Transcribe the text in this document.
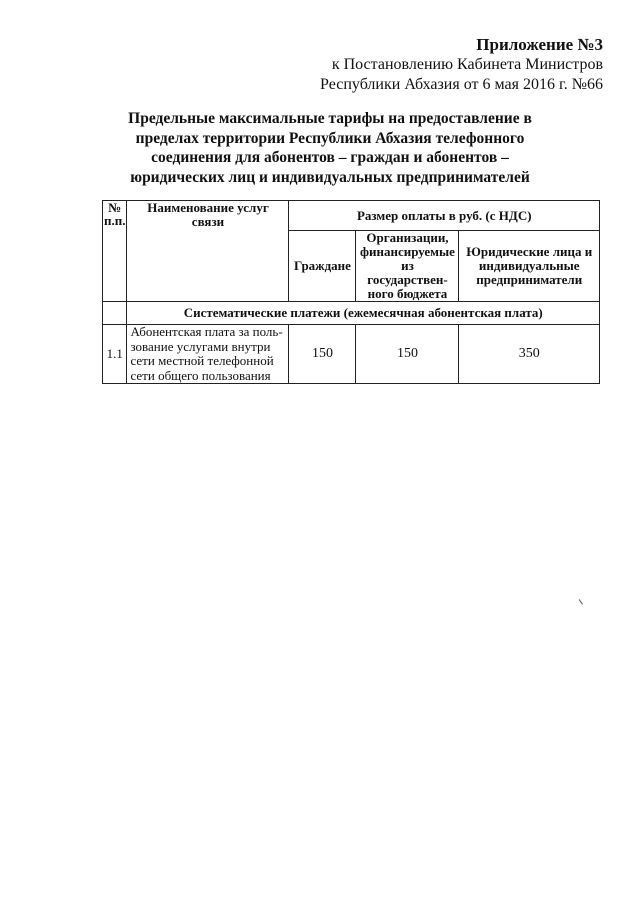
Приложение №3
к Постановлению Кабинета Министров
Республики Абхазия от 6 мая 2016 г. №66
Предельные максимальные тарифы на предоставление в пределах территории Республики Абхазия телефонного соединения для абонентов – граждан и абонентов – юридических лиц и индивидуальных предпринимателей
№
п.п.	Наименование услуг связи	Размер оплаты в руб. (с НДС)		
		Граждане	Организации, финансируемые из государствен-ного бюджета	Юридические лица и индивидуальные предприниматели
	Систематические платежи (ежемесячная абонентская плата)			
1.1	Абонентская плата за поль-зование услугами внутри сети местной телефонной сети общего пользования	150	150	350
